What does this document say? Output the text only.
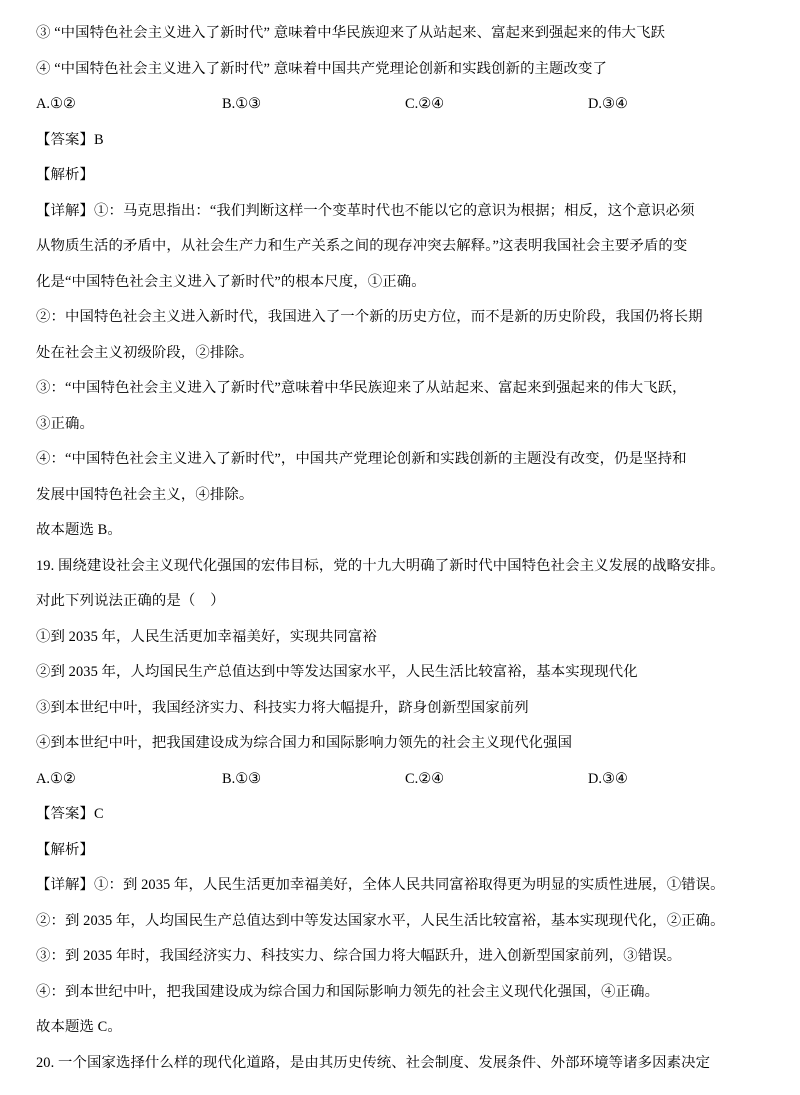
③ “中国特色社会主义进入了新时代” 意味着中华民族迎来了从站起来、富起来到强起来的伟大飞跃
④ “中国特色社会主义进入了新时代” 意味着中国共产党理论创新和实践创新的主题改变了
A.①②	B.①③	C.②④	D.③④
【答案】B
【解析】
【详解】①：马克思指出：“我们判断这样一个变革时代也不能以它的意识为根据；相反，这个意识必须
从物质生活的矛盾中，从社会生产力和生产关系之间的现存冲突去解释。”这表明我国社会主要矛盾的变
化是“中国特色社会主义进入了新时代”的根本尺度，①正确。
②：中国特色社会主义进入新时代，我国进入了一个新的历史方位，而不是新的历史阶段，我国仍将长期
处在社会主义初级阶段，②排除。
③：“中国特色社会主义进入了新时代”意味着中华民族迎来了从站起来、富起来到强起来的伟大飞跃，
③正确。
④：“中国特色社会主义进入了新时代”，中国共产党理论创新和实践创新的主题没有改变，仍是坚持和
发展中国特色社会主义，④排除。
故本题选 B。
19. 围绕建设社会主义现代化强国的宏伟目标，党的十九大明确了新时代中国特色社会主义发展的战略安排。
对此下列说法正确的是（    ）
①到 2035 年，人民生活更加幸福美好，实现共同富裕
②到 2035 年，人均国民生产总值达到中等发达国家水平，人民生活比较富裕，基本实现现代化
③到本世纪中叶，我国经济实力、科技实力将大幅提升，跻身创新型国家前列
④到本世纪中叶，把我国建设成为综合国力和国际影响力领先的社会主义现代化强国
A.①②	B.①③	C.②④	D.③④
【答案】C
【解析】
【详解】①：到 2035 年，人民生活更加幸福美好，全体人民共同富裕取得更为明显的实质性进展，①错误。
②：到 2035 年，人均国民生产总值达到中等发达国家水平，人民生活比较富裕，基本实现现代化，②正确。
③：到 2035 年时，我国经济实力、科技实力、综合国力将大幅跃升，进入创新型国家前列，③错误。
④：到本世纪中叶，把我国建设成为综合国力和国际影响力领先的社会主义现代化强国，④正确。
故本题选 C。
20. 一个国家选择什么样的现代化道路，是由其历史传统、社会制度、发展条件、外部环境等诸多因素决定
